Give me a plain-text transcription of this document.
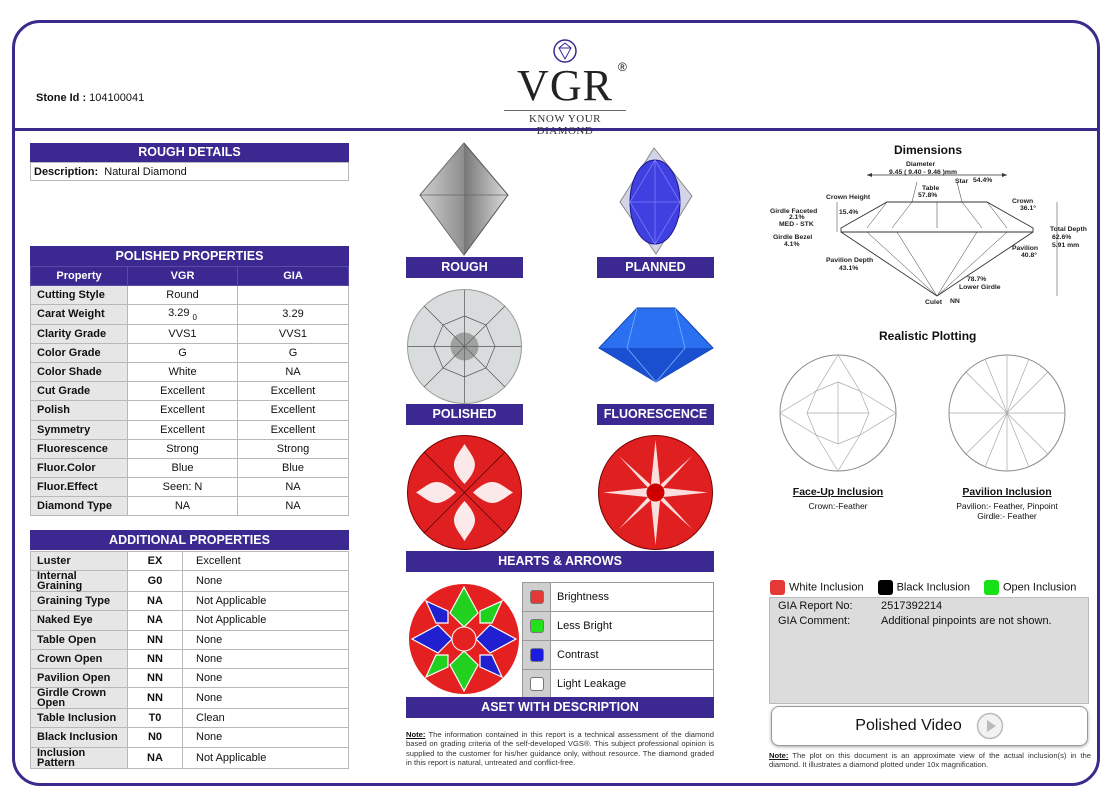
Stone Id : 104100041	VGR ®
KNOW YOUR DIAMOND
ROUGH DETAILS
Description: Natural Diamond
POLISHED PROPERTIES
Property	VGR	GIA
Cutting Style	Round	
Carat Weight	3.29 $_0$	3.29
Clarity Grade	VVS1	VVS1
Color Grade	G	G
Color Shade	White	NA
Cut Grade	Excellent	Excellent
Polish	Excellent	Excellent
Symmetry	Excellent	Excellent
Fluorescence	Strong	Strong
Fluor.Color	Blue	Blue
Fluor.Effect	Seen: N	NA
Diamond Type	NA	NA
ADDITIONAL PROPERTIES
Luster	EX	Excellent
Internal Graining	G0	None
Graining Type	NA	Not Applicable
Naked Eye	NA	Not Applicable
Table Open	NN	None
Crown Open	NN	None
Pavilion Open	NN	None
Girdle Crown Open	NN	None
Table Inclusion	T0	Clean
Black Inclusion	N0	None
Inclusion Pattern	NA	Not Applicable
ROUGH	PLANNED
POLISHED	FLUORESCENCE
HEARTS & ARROWS
	Brightness

	Less Bright

	Contrast

	Light Leakage
ASET WITH DESCRIPTION
Note: The information contained in this report is a technical assessment of the diamond based on grading criteria of the self-developed VGS®. This subject professional opinion is supplied to the customer for his/her guidance only, without resource. The diamond graded in this report is natural, untreated and conflict-free.
Dimensions
Diameter
9.45 ( 9.40 - 9.46 )mm
Table
57.8%
Star 54.4%
Crown Height
15.4%
Crown
36.1°
Girdle Faceted
2.1%
MED - STK
Girdle Bezel
4.1%
Total Depth
62.6%
5.91 mm
Pavilion
40.8°
Pavilion Depth
43.1%
78.7%
Lower Girdle
Culet NN
Realistic Plotting
Face-Up Inclusion
Crown:-Feather
Pavilion Inclusion
Pavilion:- Feather, Pinpoint
Girdle:- Feather
White Inclusion	Black Inclusion	Open Inclusion
GIA Report No:	2517392214
GIA Comment:	Additional pinpoints are not shown.
Polished Video
Note: The plot on this document is an approximate view of the actual inclusion(s) in the diamond. It illustrates a diamond plotted under 10x magnification.
